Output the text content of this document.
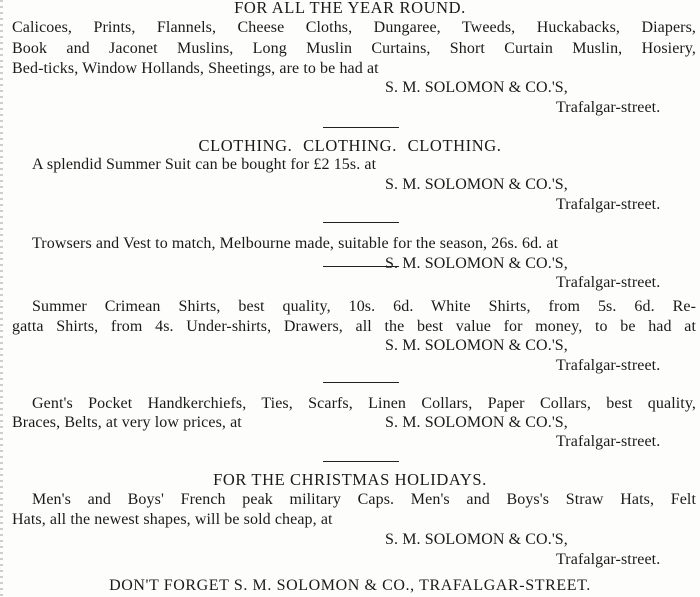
FOR ALL THE YEAR ROUND.
Calicoes, Prints, Flannels, Cheese Cloths, Dungaree, Tweeds, Huckabacks, Diapers,
Book and Jaconet Muslins, Long Muslin Curtains, Short Curtain Muslin, Hosiery,
Bed-ticks, Window Hollands, Sheetings, are to be had at
S. M. SOLOMON & CO.'S,
Trafalgar-street.
CLOTHING. CLOTHING. CLOTHING.
A splendid Summer Suit can be bought for £2 15s. at
S. M. SOLOMON & CO.'S,
Trafalgar-street.
Trowsers and Vest to match, Melbourne made, suitable for the season, 26s. 6d. at
S. M. SOLOMON & CO.'S,
Trafalgar-street.
Summer Crimean Shirts, best quality, 10s. 6d. White Shirts, from 5s. 6d. Re-
gatta Shirts, from 4s. Under-shirts, Drawers, all the best value for money, to be had at
S. M. SOLOMON & CO.'S,
Trafalgar-street.
Gent's Pocket Handkerchiefs, Ties, Scarfs, Linen Collars, Paper Collars, best quality,
Braces, Belts, at very low prices, at	S. M. SOLOMON & CO.'S,
Trafalgar-street.
FOR THE CHRISTMAS HOLIDAYS.
Men's and Boys' French peak military Caps. Men's and Boys's Straw Hats, Felt
Hats, all the newest shapes, will be sold cheap, at
S. M. SOLOMON & CO.'S,
Trafalgar-street.
DON'T FORGET S. M. SOLOMON & CO., TRAFALGAR-STREET.
